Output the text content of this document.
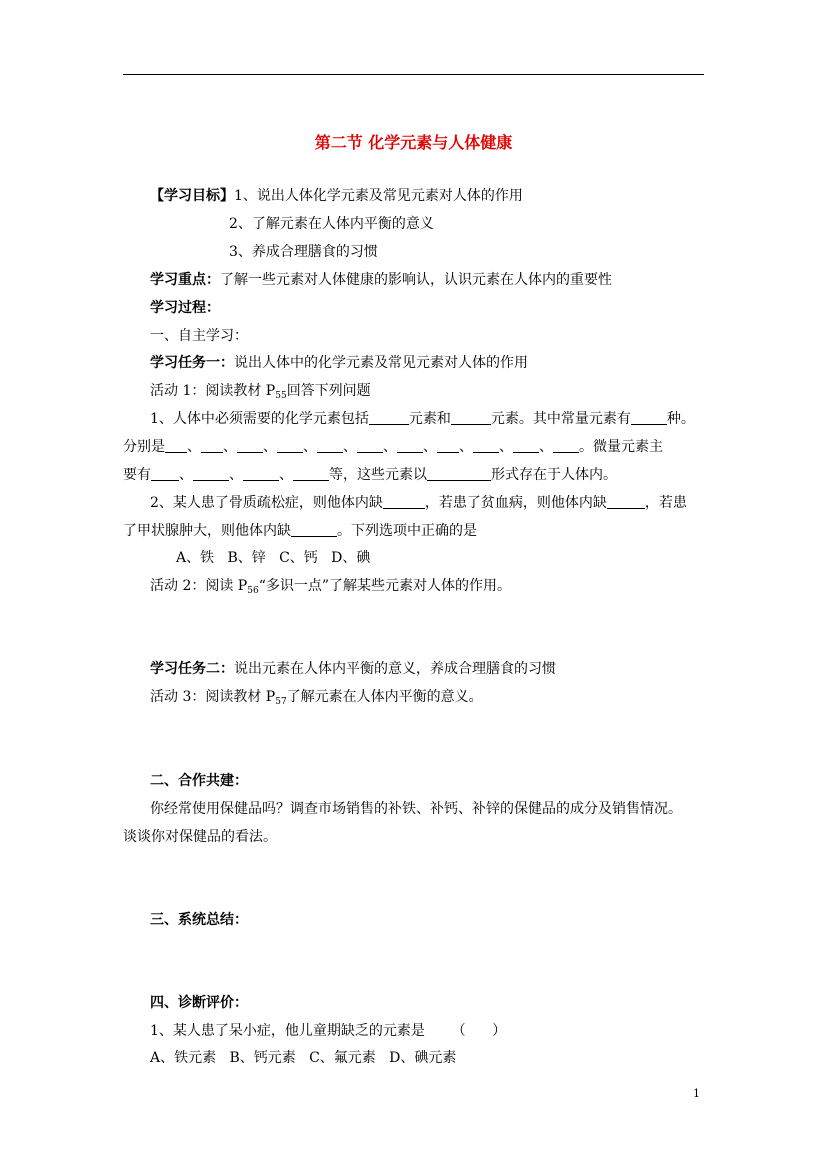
第二节 化学元素与人体健康
【学习目标】1、说出人体化学元素及常见元素对人体的作用
2、了解元素在人体内平衡的意义
3、养成合理膳食的习惯
学习重点：了解一些元素对人体健康的影响认，认识元素在人体内的重要性
学习过程：
一、自主学习：
学习任务一：说出人体中的化学元素及常见元素对人体的作用
活动 1：阅读教材 $P_{55}$回答下列问题
1、人体中必须需要的化学元素包括	元素和	元素。其中常量元素有	种。
分别是 、 、 、 、 、 、 、 、 、 、 。微量元素主
要有 、	、	、	等，这些元素以	形式存在于人体内。
2、某人患了骨质疏松症，则他体内缺	，若患了贫血病，则他体内缺	，若患
了甲状腺肿大，则他体内缺	。下列选项中正确的是
A、铁   B、锌   C、钙   D、碘
活动 2：阅读 $P_{56}“$多识一点”了解某些元素对人体的作用。
学习任务二：说出元素在人体内平衡的意义，养成合理膳食的习惯
活动 3：阅读教材 $P_{57}$了解元素在人体内平衡的意义。
二、合作共建：
你经常使用保健品吗？调查市场销售的补铁、补钙、补锌的保健品的成分及销售情况。
谈谈你对保健品的看法。
三、系统总结：
四、诊断评价：
1、某人患了呆小症，他儿童期缺乏的元素是      （      ）
A、铁元素   B、钙元素   C、氟元素   D、碘元素
1
